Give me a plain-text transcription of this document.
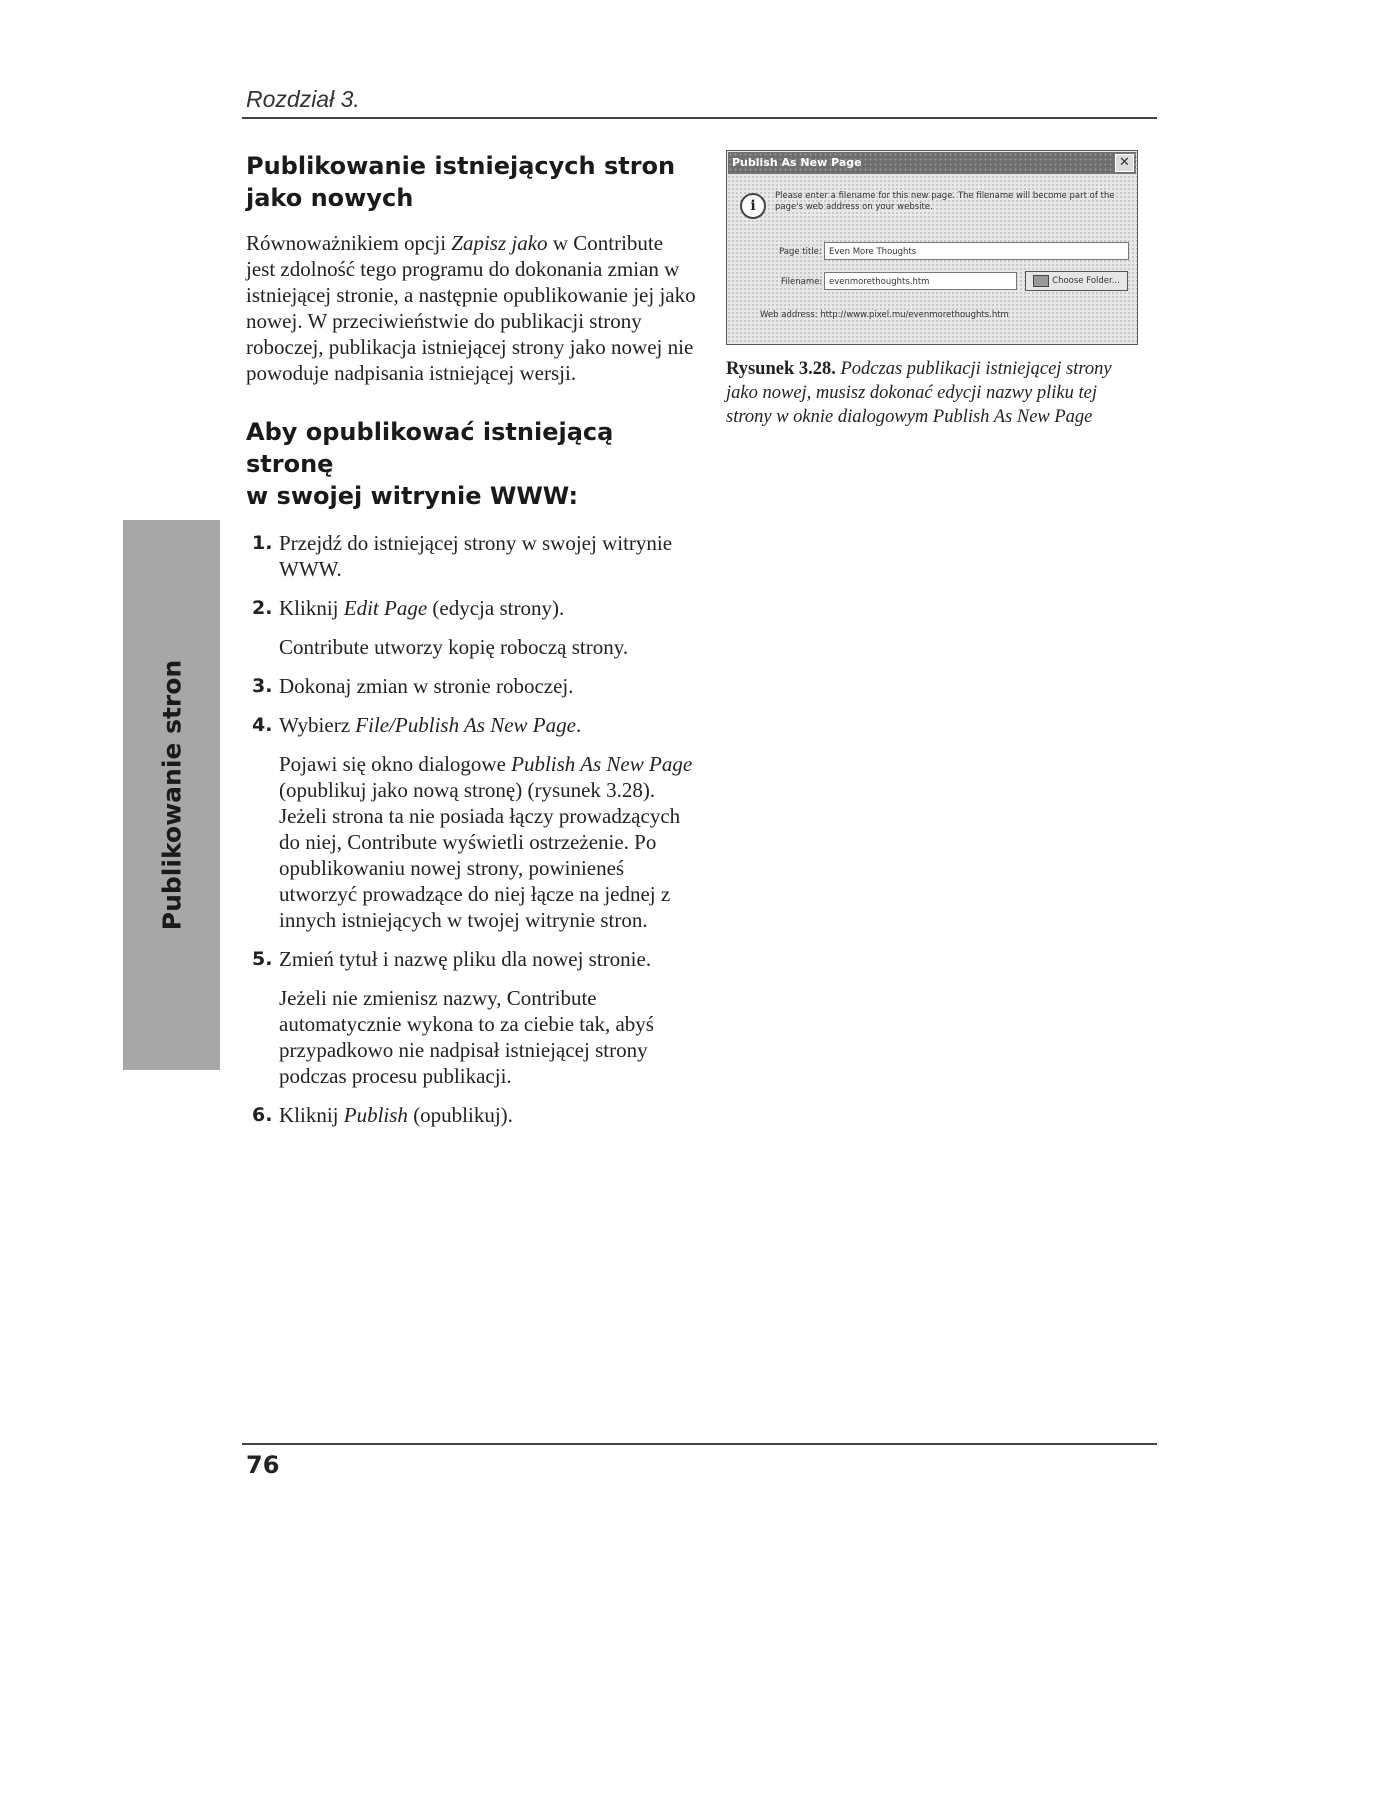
Rozdział 3.
Publikowanie stron
Publikowanie istniejących stron
jako nowych

Równoważnikiem opcji Zapisz jako w Contribute jest zdolność tego programu do dokonania zmian w istniejącej stronie, a następnie opublikowanie jej jako nowej. W przeciwieństwie do publikacji strony roboczej, publikacja istniejącej strony jako nowej nie powoduje nadpisania istniejącej wersji.

Aby opublikować istniejącą stronę
w swojej witrynie WWW:
1. Przejdź do istniejącej strony w swojej witrynie WWW.
2. Kliknij Edit Page (edycja strony).

Contribute utworzy kopię roboczą strony.

3. Dokonaj zmian w stronie roboczej.
4. Wybierz File/Publish As New Page.

Pojawi się okno dialogowe Publish As New Page (opublikuj jako nową stronę) (rysunek 3.28). Jeżeli strona ta nie posiada łączy prowadzących do niej, Contribute wyświetli ostrzeżenie. Po opublikowaniu nowej strony, powinieneś utworzyć prowadzące do niej łącze na jednej z innych istniejących w twojej witrynie stron.

5. Zmień tytuł i nazwę pliku dla nowej stronie.

Jeżeli nie zmienisz nazwy, Contribute automatycznie wykona to za ciebie tak, abyś przypadkowo nie nadpisał istniejącej strony podczas procesu publikacji.

6. Kliknij Publish (opublikuj).
Publish As New Page	✕
i
Please enter a filename for this new page. The filename will become part of the page's web address on your website.
Page title: Even More Thoughts
Filename: evenmorethoughts.htm	Choose Folder...
Web address: http://www.pixel.mu/evenmorethoughts.htm
Rysunek 3.28. Podczas publikacji istniejącej strony jako nowej, musisz dokonać edycji nazwy pliku tej strony w oknie dialogowym Publish As New Page
76
